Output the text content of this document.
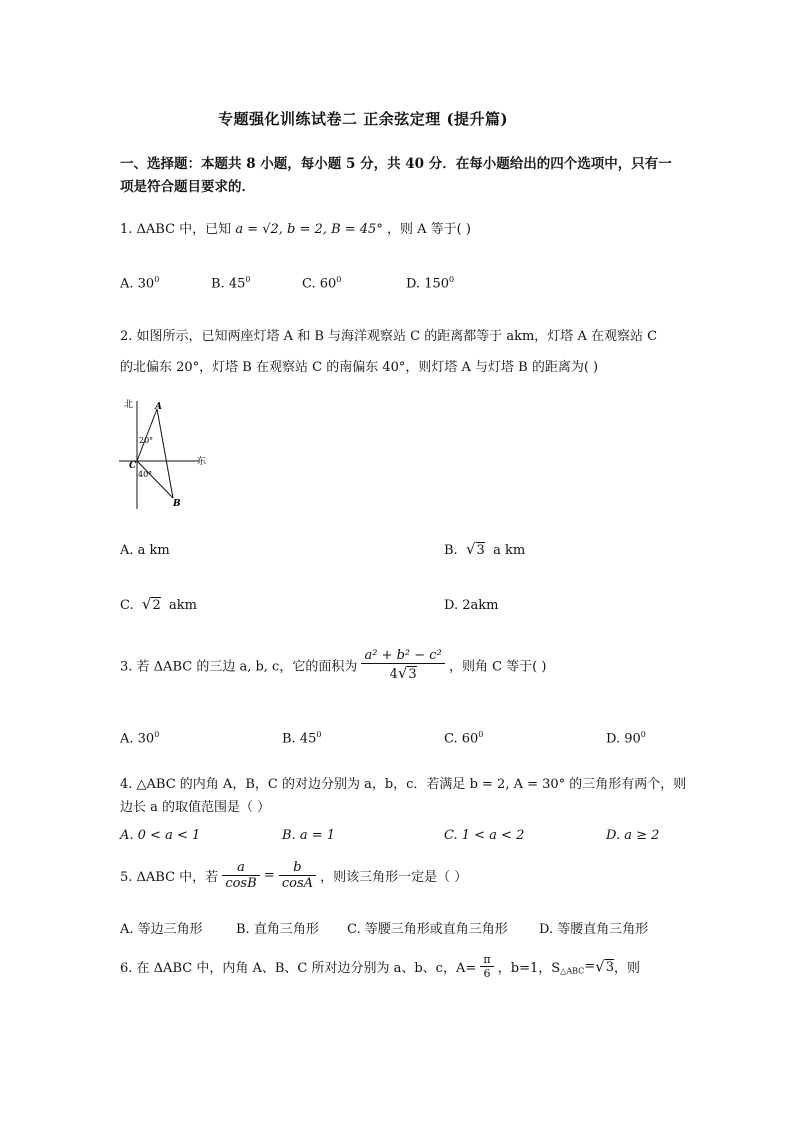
专题强化训练试卷二 正余弦定理 (提升篇)
一、选择题：本题共 8 小题，每小题 5 分，共 40 分．在每小题给出的四个选项中，只有一
项是符合题目要求的．
1. ΔABC 中，已知 a = √2, b = 2, B = 45° ，则 A 等于( )
A. $30^0$	B. $45^0$	C. $60^0$	D. $150^0$
2. 如图所示，已知两座灯塔 A 和 B 与海洋观察站 C 的距离都等于 akm，灯塔 A 在观察站 C
的北偏东 20°，灯塔 B 在观察站 C 的南偏东 40°，则灯塔 A 与灯塔 B 的距离为( )
北
东
A
B
C
20°
40°
A. a km	B. √3 a km
C. √2 akm	D. 2akm
3. 若 ΔABC 的三边 a, b, c，它的面积为 $\frac{\text{a² + b² − c²}}{4√3}$ ，则角 C 等于( )
A. $30^0$	B. $45^0$	C. $60^0$	D. $90^0$
4. △ABC 的内角 A，B，C 的对边分别为 a，b，c．若满足 b = 2, A = 30° 的三角形有两个，则
边长 a 的取值范围是（ ）
A. 0 < a < 1	B. a = 1	C. 1 < a < 2	D. a ≥ 2
5. ΔABC 中，若 $\frac{a}{\cos B} = \frac{b}{\cos A}$ ，则该三角形一定是（ ）
A. 等边三角形	B. 直角三角形 C. 等腰三角形或直角三角形 D. 等腰直角三角形
6. 在 ΔABC 中，内角 A、B、C 所对边分别为 a、b、c，$A= \frac{\pi}{6}$ ，b=1，$S_{\triangle ABC}=√3$，则
